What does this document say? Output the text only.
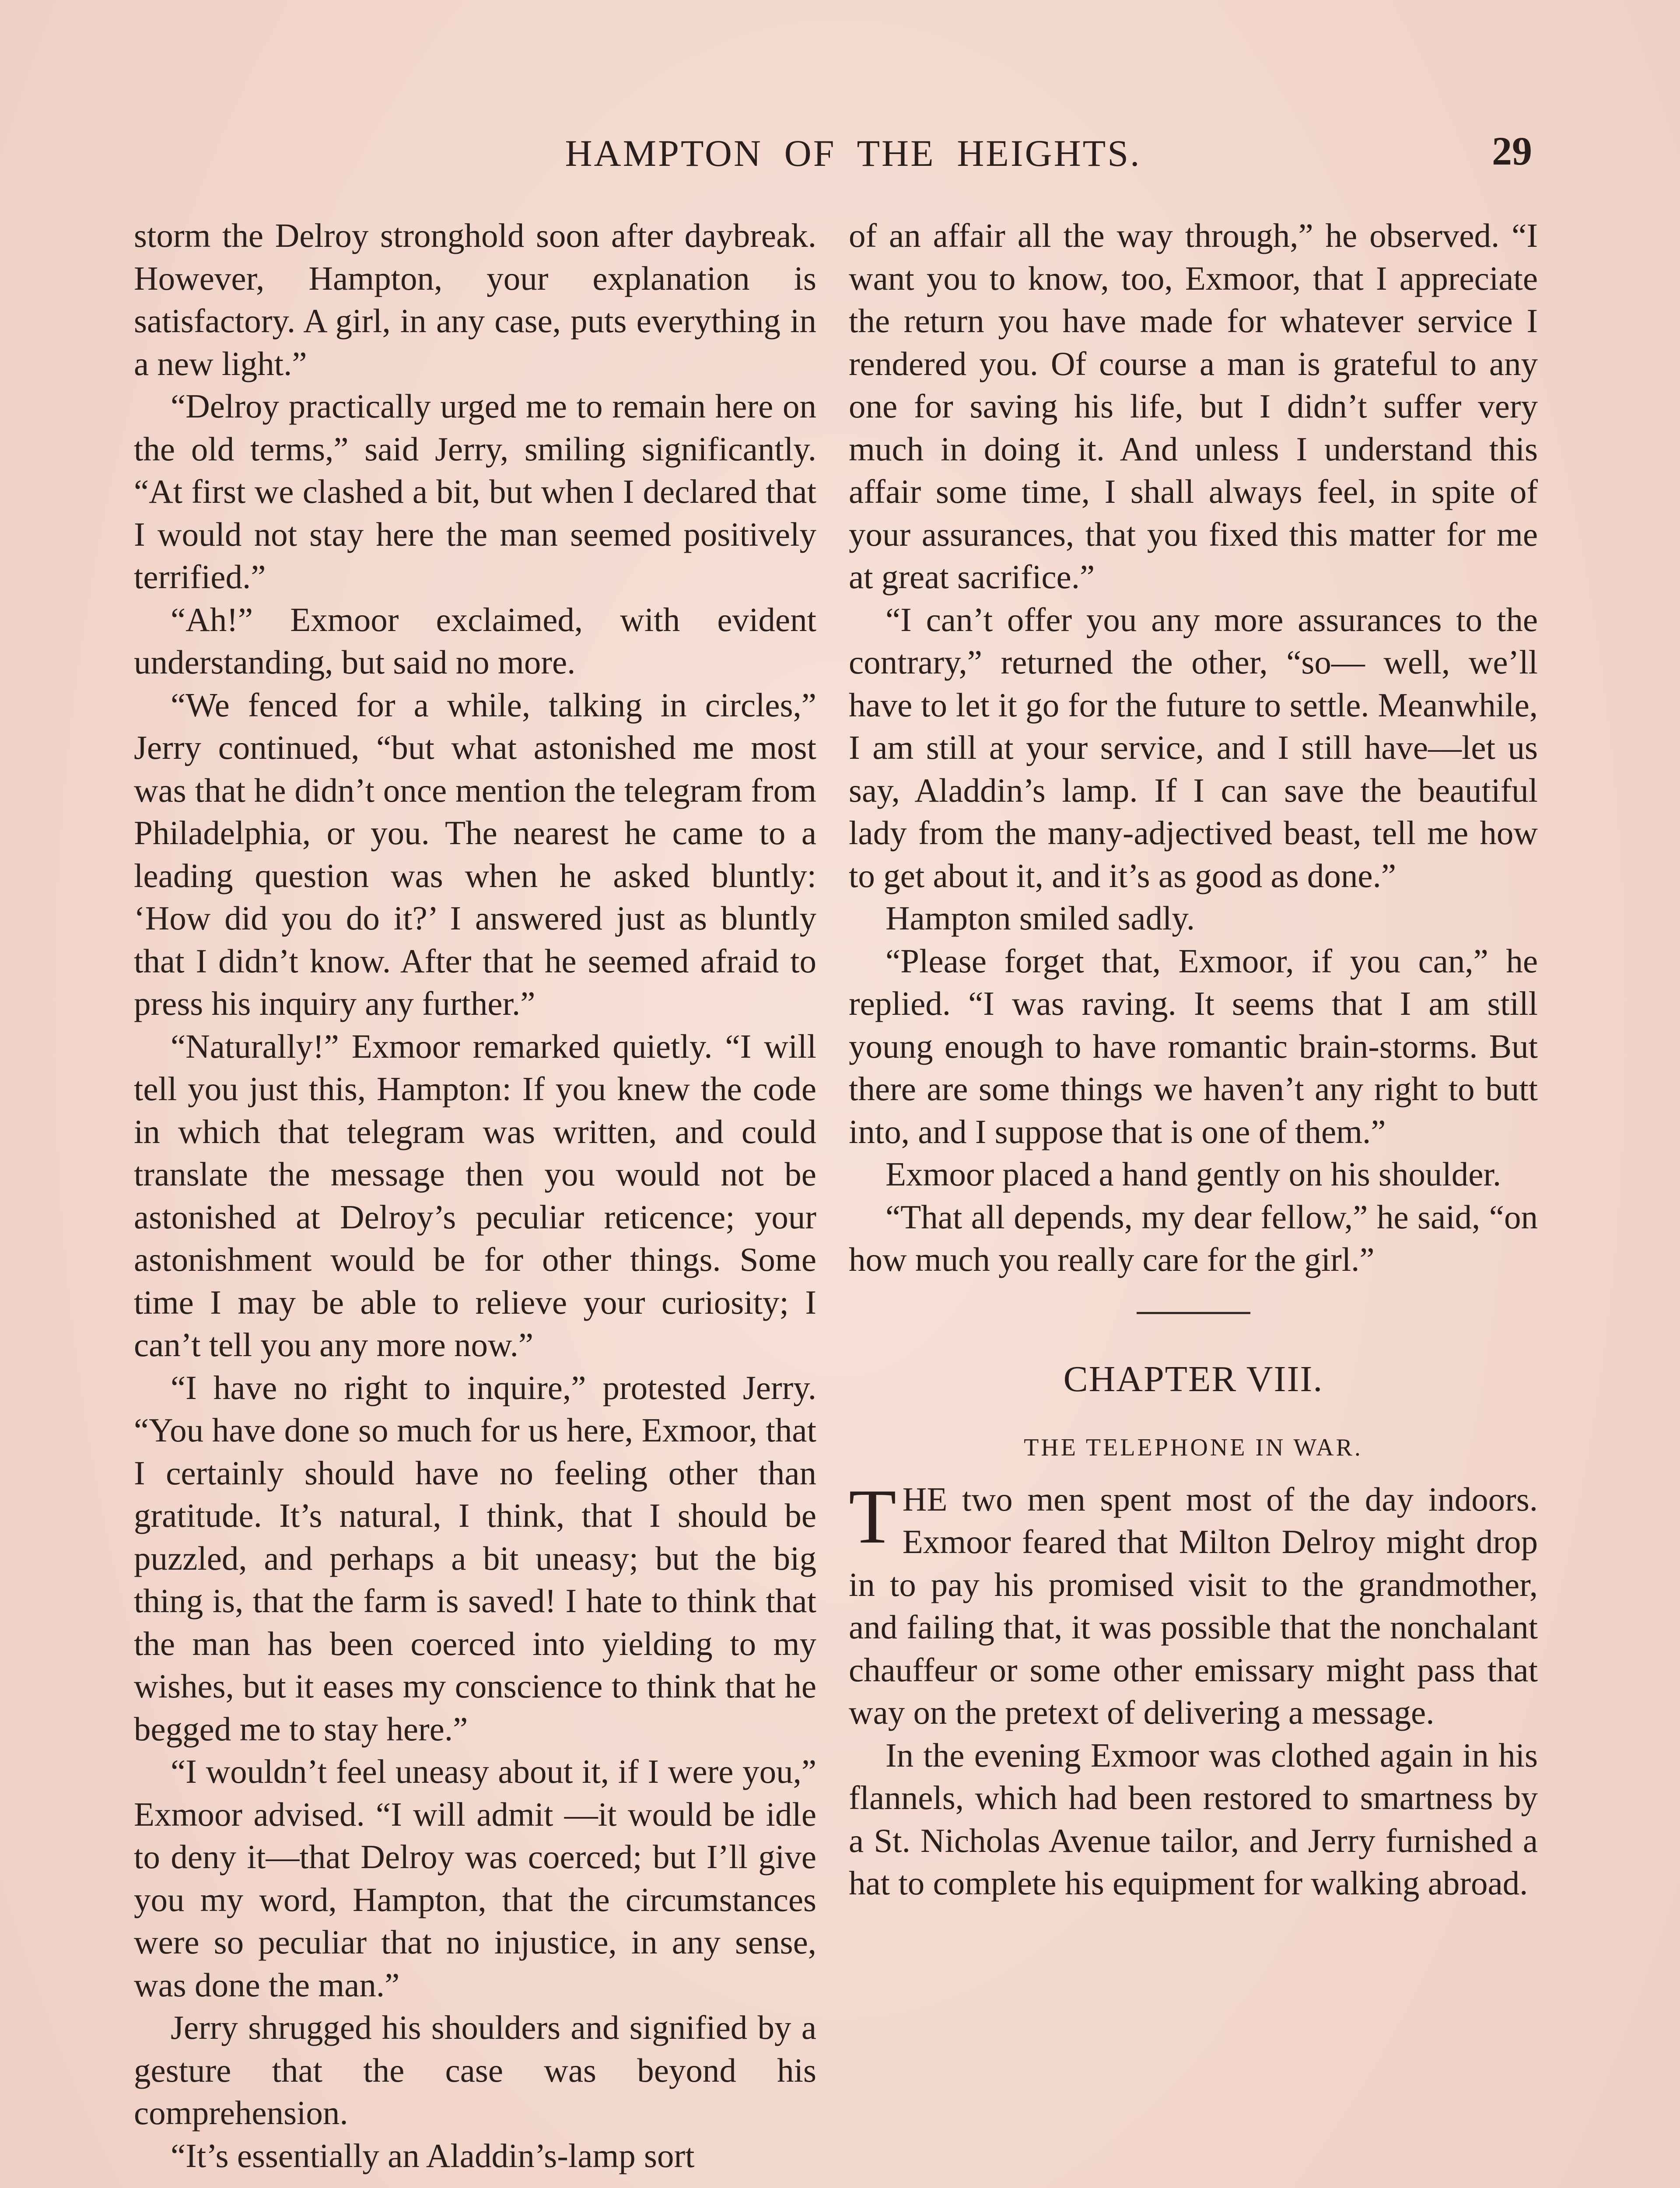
HAMPTON OF THE HEIGHTS.	29

storm the Delroy stronghold soon after daybreak. However, Hampton, your explanation is satisfactory. A girl, in any case, puts everything in a new light.”

“Delroy practically urged me to remain here on the old terms,” said Jerry, smiling significantly. “At first we clashed a bit, but when I declared that I would not stay here the man seemed positively terrified.”

“Ah!” Exmoor exclaimed, with evident understanding, but said no more.

“We fenced for a while, talking in circles,” Jerry continued, “but what astonished me most was that he didn’t once mention the telegram from Philadelphia, or you. The nearest he came to a leading question was when he asked bluntly: ‘How did you do it?’ I answered just as bluntly that I didn’t know. After that he seemed afraid to press his inquiry any further.”

“Naturally!” Exmoor remarked quietly. “I will tell you just this, Hampton: If you knew the code in which that telegram was written, and could translate the message then you would not be astonished at Delroy’s peculiar reticence; your astonishment would be for other things. Some time I may be able to relieve your curiosity; I can’t tell you any more now.”

“I have no right to inquire,” protested Jerry. “You have done so much for us here, Exmoor, that I certainly should have no feeling other than gratitude. It’s natural, I think, that I should be puzzled, and perhaps a bit uneasy; but the big thing is, that the farm is saved! I hate to think that the man has been coerced into yielding to my wishes, but it eases my conscience to think that he begged me to stay here.”

“I wouldn’t feel uneasy about it, if I were you,” Exmoor advised. “I will admit —it would be idle to deny it—that Delroy was coerced; but I’ll give you my word, Hampton, that the circumstances were so peculiar that no injustice, in any sense, was done the man.”

Jerry shrugged his shoulders and signified by a gesture that the case was beyond his comprehension.

“It’s essentially an Aladdin’s-lamp sort

of an affair all the way through,” he observed. “I want you to know, too, Exmoor, that I appreciate the return you have made for whatever service I rendered you. Of course a man is grateful to any one for saving his life, but I didn’t suffer very much in doing it. And unless I understand this affair some time, I shall always feel, in spite of your assurances, that you fixed this matter for me at great sacrifice.”

“I can’t offer you any more assurances to the contrary,” returned the other, “so— well, we’ll have to let it go for the future to settle. Meanwhile, I am still at your service, and I still have—let us say, Aladdin’s lamp. If I can save the beautiful lady from the many-adjectived beast, tell me how to get about it, and it’s as good as done.”

Hampton smiled sadly.

“Please forget that, Exmoor, if you can,” he replied. “I was raving. It seems that I am still young enough to have romantic brain-storms. But there are some things we haven’t any right to butt into, and I suppose that is one of them.”

Exmoor placed a hand gently on his shoulder.

“That all depends, my dear fellow,” he said, “on how much you really care for the girl.”

CHAPTER VIII.
THE TELEPHONE IN WAR.

THE two men spent most of the day indoors. Exmoor feared that Milton Delroy might drop in to pay his promised visit to the grandmother, and failing that, it was possible that the nonchalant chauffeur or some other emissary might pass that way on the pretext of delivering a message.

In the evening Exmoor was clothed again in his flannels, which had been restored to smartness by a St. Nicholas Avenue tailor, and Jerry furnished a hat to complete his equipment for walking abroad.
